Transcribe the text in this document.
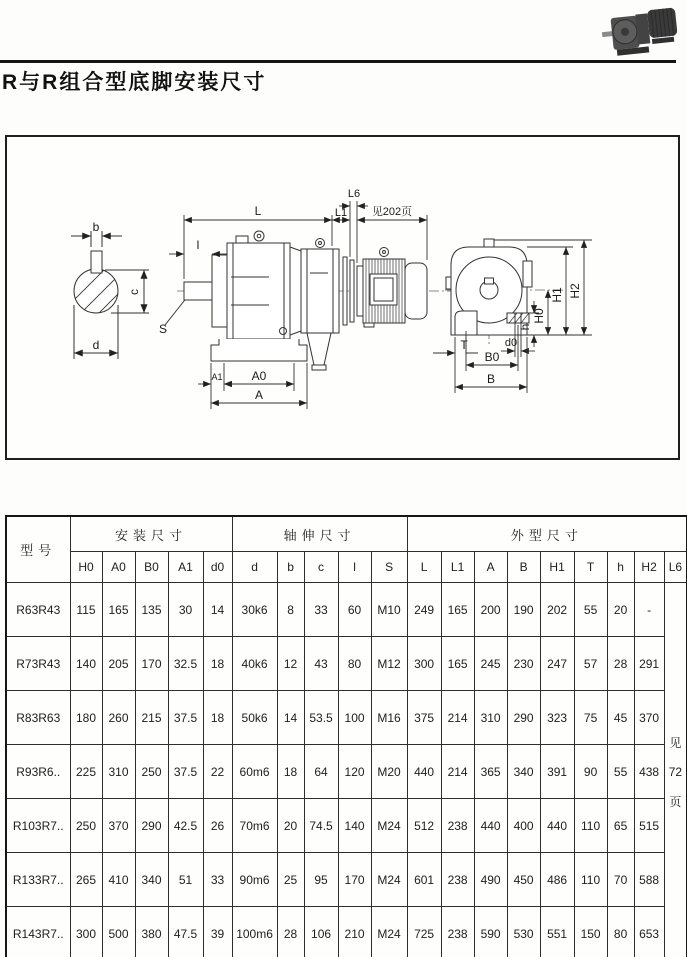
R与R组合型底脚安装尺寸
b
c
d
S
L	L1
L6
见202页
l
A1 A0
A
H0
H1 H2
h
d0
T
B0
B
型号	安装尺寸					轴伸尺寸					外型尺寸								
	H0	A0	B0	A1	d0	d	b	c	l	S	L	L1	A	B	H1	T	h	H2	L6
R63R43	115	165	135	30	14	30k6	8	33	60	M10	249	165	200	190	202	55	20	-	见
72
页

R73R43	140	205	170	32.5	18	40k6	12	43	80	M12	300	165	245	230	247	57	28	291	
R83R63	180	260	215	37.5	18	50k6	14	53.5	100	M16	375	214	310	290	323	75	45	370	
R93R6..	225	310	250	37.5	22	60m6	18	64	120	M20	440	214	365	340	391	90	55	438	
R103R7..	250	370	290	42.5	26	70m6	20	74.5	140	M24	512	238	440	400	440	110	65	515	
R133R7..	265	410	340	51	33	90m6	25	95	170	M24	601	238	490	450	486	110	70	588	
R143R7..	300	500	380	47.5	39	100m6	28	106	210	M24	725	238	590	530	551	150	80	653	
